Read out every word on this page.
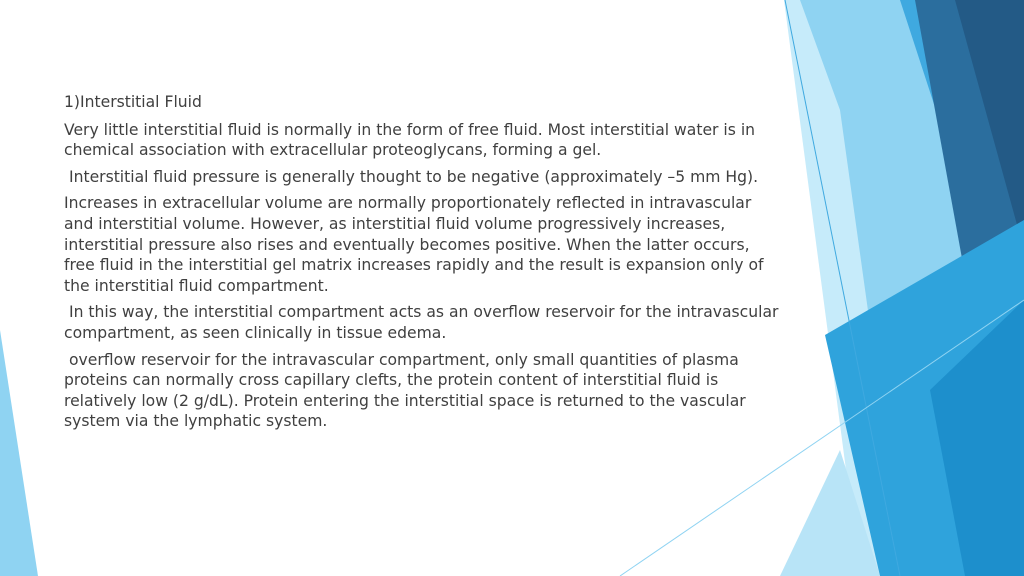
1)Interstitial Fluid

Very little interstitial fluid is normally in the form of free fluid. Most interstitial water is in chemical association with extracellular proteoglycans, forming a gel.

Interstitial fluid pressure is generally thought to be negative (approximately –5 mm Hg).

Increases in extracellular volume are normally proportionately reflected in intravascular and interstitial volume. However, as interstitial fluid volume progressively increases, interstitial pressure also rises and eventually becomes positive. When the latter occurs, free fluid in the interstitial gel matrix increases rapidly and the result is expansion only of the interstitial fluid compartment.

In this way, the interstitial compartment acts as an overflow reservoir for the intravascular compartment, as seen clinically in tissue edema.

overflow reservoir for the intravascular compartment, only small quantities of plasma proteins can normally cross capillary clefts, the protein content of interstitial fluid is relatively low (2 g/dL). Protein entering the interstitial space is returned to the vascular system via the lymphatic system.
